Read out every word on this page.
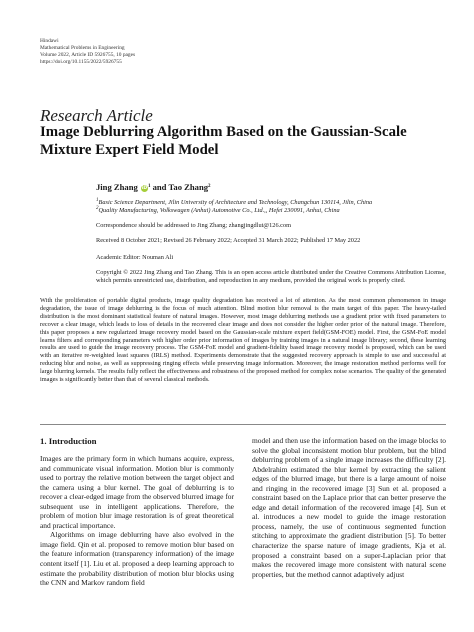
Hindawi
Mathematical Problems in Engineering
Volume 2022, Article ID 5926755, 10 pages
https://doi.org/10.1155/2022/5926755
Research Article
Image Deblurring Algorithm Based on the Gaussian-Scale Mixture Expert Field Model
Jing Zhang $iD^1$ and Tao Zhang$^2$
$^1$Basic Science Department, Jilin University of Architecture and Technology, Changchun 130114, Jilin, China
$^2$Quality Manufacturing, Volkswagen (Anhui) Automotive Co., Ltd.,, Hefei 230091, Anhui, China
Correspondence should be addressed to Jing Zhang; zhangjingdlut@126.com
Received 8 October 2021; Revised 26 February 2022; Accepted 31 March 2022; Published 17 May 2022
Academic Editor: Nouman Ali
Copyright © 2022 Jing Zhang and Tao Zhang. This is an open access article distributed under the Creative Commons Attribution License, which permits unrestricted use, distribution, and reproduction in any medium, provided the original work is properly cited.
With the proliferation of portable digital products, image quality degradation has received a lot of attention. As the most common phenomenon in image degradation, the issue of image deblurring is the focus of much attention. Blind motion blur removal is the main target of this paper. The heavy-tailed distribution is the most dominant statistical feature of natural images. However, most image deblurring methods use a gradient prior with fixed parameters to recover a clear image, which leads to loss of details in the recovered clear image and does not consider the higher order prior of the natural image. Therefore, this paper proposes a new regularized image recovery model based on the Gaussian-scale mixture expert field(GSM-FOE) model. First, the GSM-FoE model learns filters and corresponding parameters with higher order prior information of images by training images in a natural image library; second, these learning results are used to guide the image recovery process. The GSM-FoE model and gradient-fidelity based image recovery model is proposed, which can be used with an iterative re-weighted least squares (IRLS) method. Experiments demonstrate that the suggested recovery approach is simple to use and successful at reducing blur and noise, as well as suppressing ringing effects while preserving image information. Moreover, the image restoration method performs well for large blurring kernels. The results fully reflect the effectiveness and robustness of the proposed method for complex noise scenarios. The quality of the generated images is significantly better than that of several classical methods.
1. Introduction

Images are the primary form in which humans acquire, express, and communicate visual information. Motion blur is commonly used to portray the relative motion between the target object and the camera using a blur kernel. The goal of deblurring is to recover a clear-edged image from the observed blurred image for subsequent use in intelligent applications. Therefore, the problem of motion blur image restoration is of great theoretical and practical importance.

Algorithms on image deblurring have also evolved in the image field. Qin et al. proposed to remove motion blur based on the feature information (transparency information) of the image content itself [1]. Liu et al. proposed a deep learning approach to estimate the probability distribution of motion blur blocks using the CNN and Markov random field

model and then use the information based on the image blocks to solve the global inconsistent motion blur problem, but the blind deblurring problem of a single image increases the difficulty [2]. Abdelrahim estimated the blur kernel by extracting the salient edges of the blurred image, but there is a large amount of noise and ringing in the recovered image [3] Sun et al. proposed a constraint based on the Laplace prior that can better preserve the edge and detail information of the recovered image [4]. Sun et al. introduces a new model to guide the image restoration process, namely, the use of continuous segmented function stitching to approximate the gradient distribution [5]. To better characterize the sparse nature of image gradients, Kja et al. proposed a constraint based on a super-Laplacian prior that makes the recovered image more consistent with natural scene properties, but the method cannot adaptively adjust
